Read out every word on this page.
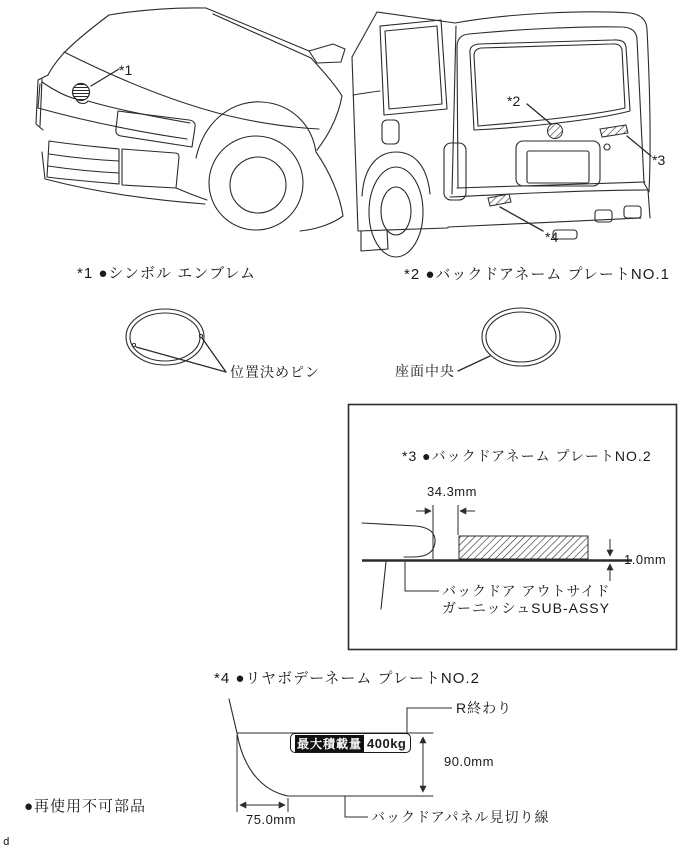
*1
*2
*3
*4
*1 ●シンボル エンブレム	*2 ●バックドアネーム プレートNO.1
位置決めピン	座面中央
*3 ●バックドアネーム プレートNO.2
34.3mm
1.0mm
バックドア アウトサイド
ガーニッシュSUB-ASSY
*4 ●リヤボデーネーム プレートNO.2
R終わり
90.0mm
75.0mm	バックドアパネル見切り線
最大積載量 400kg
●再使用不可部品
d
